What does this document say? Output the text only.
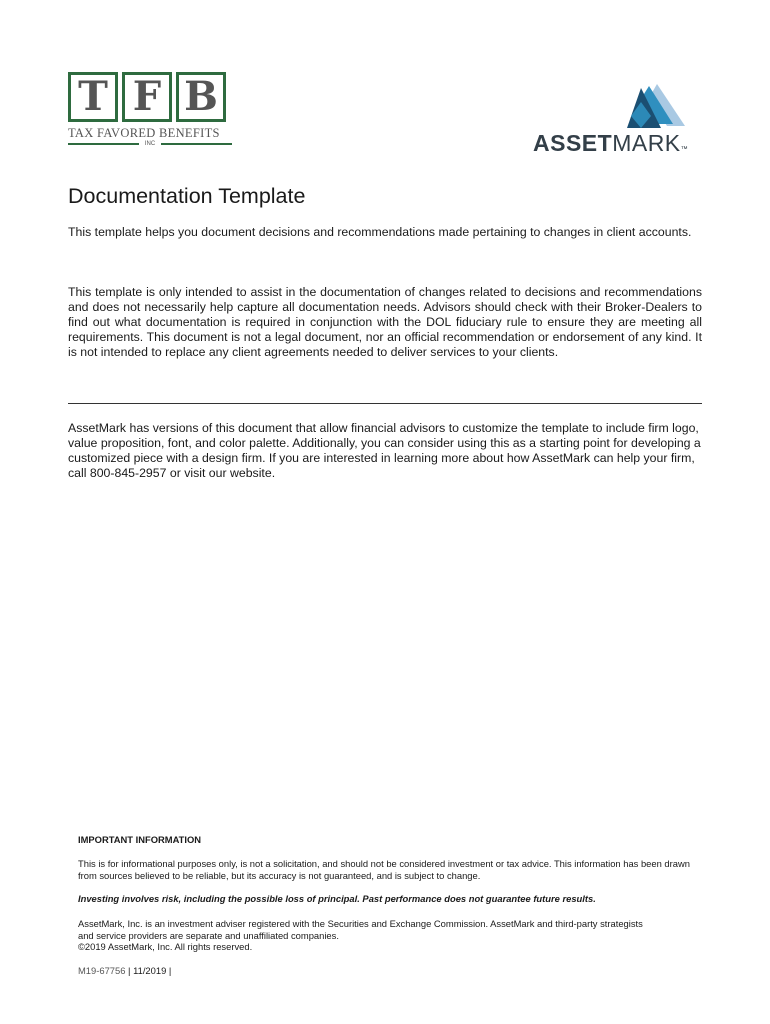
T F B
TAX FAVORED BENEFITS
INC	ASSETMARK™
Documentation Template
This template helps you document decisions and recommendations made pertaining to changes in client accounts.
This template is only intended to assist in the documentation of changes related to decisions and recommendations and does not necessarily help capture all documentation needs. Advisors should check with their Broker-Dealers to find out what documentation is required in conjunction with the DOL fiduciary rule to ensure they are meeting all requirements. This document is not a legal document, nor an official recommendation or endorsement of any kind. It is not intended to replace any client agreements needed to deliver services to your clients.
AssetMark has versions of this document that allow financial advisors to customize the template to include firm logo, value proposition, font, and color palette. Additionally, you can consider using this as a starting point for developing a customized piece with a design firm. If you are interested in learning more about how AssetMark can help your firm, call 800-845-2957 or visit our website.
IMPORTANT INFORMATION
This is for informational purposes only, is not a solicitation, and should not be considered investment or tax advice. This information has been drawn from sources believed to be reliable, but its accuracy is not guaranteed, and is subject to change.
Investing involves risk, including the possible loss of principal. Past performance does not guarantee future results.
AssetMark, Inc. is an investment adviser registered with the Securities and Exchange Commission. AssetMark and third-party strategists
and service providers are separate and unaffiliated companies.
©2019 AssetMark, Inc. All rights reserved.
M19-67756 | 11/2019 |
